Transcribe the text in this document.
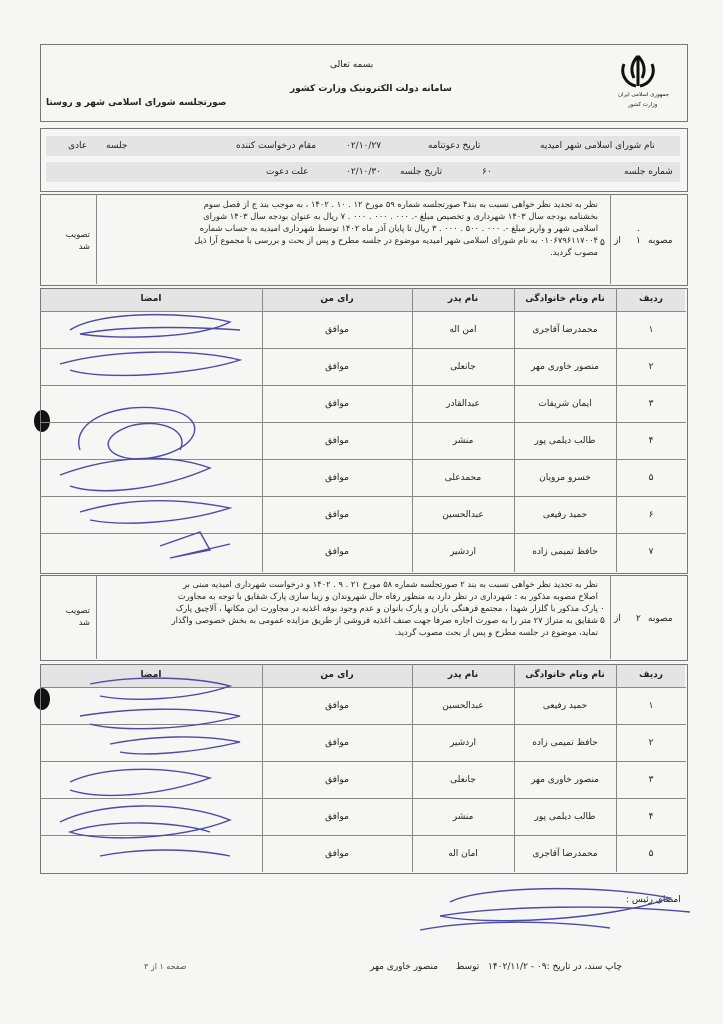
بسمه تعالی
سامانه دولت الکترونیک وزارت کشور
صورتجلسه شورای اسلامی شهر و روستا
جمهوری اسلامی ایران
وزارت کشور
نام شورای اسلامی شهر امیدیه
تاریخ دعوتنامه
۰۲/۱۰/۲۷
مقام درخواست کننده
جلسه
عادی
شماره جلسه
۶۰
تاریخ جلسه
۰۲/۱۰/۳۰
علت دعوت
مصوبه
۱
از
۰
۵
تصویب شد
نظر به تجدید نظر خواهی نسبت به بند۴ صورتجلسه شماره ۵۹ مورخ ۱۲ . ۱۰ . ۱۴۰۲ ، به موجب بند ج از فصل سوم
بخشنامه بودجه سال ۱۴۰۳ شهرداری و تخصیص مبلغ -. ۰۰۰ . ۰۰۰ . ۰۰۰ . ۷ ریال به عنوان بودجه سال ۱۴۰۳ شورای
اسلامی شهر و واریز مبلغ -. ۰۰۰ . ۵۰۰ . ۰۰۰ . ۳ ریال تا پایان آذر ماه ۱۴۰۲ توسط شهرداری امیدیه به حساب شماره
۰۱۰۶۷۹۶۱۱۷۰۰۴ به نام شورای اسلامی شهر امیدیه موضوع در جلسه مطرح و پس از بحث و بررسی با مجموع آرا ذیل
مصوب گردید.
ردیف
نام ونام خانوادگی
نام پدر
رای من
امضا
۱
محمدرضا آقاجری
امن اله
موافق
۲
منصور خاوری مهر
جانعلی
موافق
۳
ایمان شریفات
عبدالقادر
موافق
۴
طالب دیلمی پور
منشر
موافق
۵
خسرو مرویان
محمدعلی
موافق
۶
حمید رفیعی
عبدالحسین
موافق
۷
حافظ تمیمی زاده
اردشیر
موافق
مصوبه
۲
از
۰
۵
تصویب شد
نظر به تجدید نظر خواهی نسبت به بند ۲ صورتجلسه شماره ۵۸ مورخ ۲۱ . ۹ . ۱۴۰۲ و درخواست شهرداری امیدیه مبنی بر
اصلاح مصوبه مذکور به : شهرداری در نظر دارد به منظور رفاه حال شهروندان و زیبا سازی پارک شقایق با توجه به مجاورت
پارک مذکور با گلزار شهدا ، مجتمع فرهنگی باران و پارک بانوان و عدم وجود بوفه اغذیه در مجاورت این مکانها ، آلاچیق پارک
شقایق به متراژ ۲۷ متر را به صورت اجاره صرفا جهت صنف اغذیه فروشی از طریق مزایده عمومی به بخش خصوصی واگذار
نماید، موضوع در جلسه مطرح و پس از بحث مصوب گردید.
ردیف
نام ونام خانوادگی
نام پدر
رای من
امضا
۱
حمید رفیعی
عبدالحسین
موافق
۲
حافظ تمیمی زاده
اردشیر
موافق
۳
منصور خاوری مهر
جانعلی
موافق
۴
طالب دیلمی پور
منشر
موافق
۵
محمدرضا آقاجری
امان اله
موافق
امضای رئیس :
چاپ سند، در تاریخ :۰۹ - ۱۴۰۲/۱۱/۲
توسط
منصور خاوری مهر
صفحه ۱ از ۳
